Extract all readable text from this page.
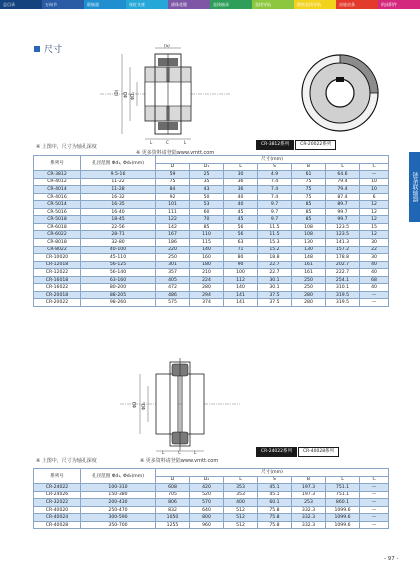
总目录	万向节	联轴器	丝杠支座	滚珠花键	直线轴承	直线导轨	精密直线导轨	齿轮齿条	机床附件
尺寸
链条联轴器
(D) ΦD ΦD₁
(S)
L	C	L	CR-3812系列	CR-20022系列
※ 上图中，尺寸为轴孔深度
※ 更多资料请登陆www.vmtt.com
系列号	孔径范围 Φd₁, Φd₂(mm)	尺寸(mm)						
		D	D₁	L	S	B	L	C
CR-3812	9.5-16	59	25	30	4.9	61	64.6	—
CR-4012	11-22	75	35	36	7.4	75	79.4	10
CR-4014	11-28	84	43	36	7.4	75	79.4	10
CR-4016	16-32	92	50	40	7.4	75	87.4	6
CR-5014	16-35	101	53	40	9.7	85	89.7	12
CR-5016	16-40	111	60	45	9.7	85	99.7	12
CR-5018	18-45	122	70	45	9.7	85	99.7	12
CR-6018	22-56	142	85	56	11.5	108	123.5	15
CR-6022	28-71	167	110	56	11.5	108	123.5	12
CR-8018	32-80	186	115	63	15.3	130	141.3	30
CR-8022	40-100	220	140	71	15.2	130	157.2	22
CR-10020	45-110	250	160	80	18.8	148	178.8	30
CR-12018	56-125	301	180	90	22.7	161	202.7	40
CR-12022	56-140	357	210	100	22.7	161	222.7	40
CR-16018	63-160	405	224	112	30.1	250	254.1	68
CR-16022	80-200	472	280	140	30.1	250	310.1	40
CR-20018	88-205	486	294	141	37.5	280	319.5	—
CR-20022	98-260	575	374	141	37.5	280	319.5	—
ΦD ΦD₁
L	C	L	CR-24022系列	CR-40028系列
※ 上图中，尺寸为轴孔深度	※ 更多资料请登陆www.vmtt.com
系列号	孔径范围 Φd₁, Φd₂(mm)	尺寸(mm)						
		D	D₂	L	S	B	L	C
CR-24022	100-310	608	420	353	45.1	197.3	751.1	—
CR-24026	150-380	705	520	353	45.1	197.3	751.1	—
CR-32022	200-430	806	570	400	60.1	253	860.1	—
CR-40020	250-470	832	640	512	75.8	332.3	1099.6	—
CR-40024	300-590	1050	800	512	75.8	332.3	1099.6	—
CR-40028	350-700	1255	960	512	75.8	332.3	1099.6	—
- 97 -
